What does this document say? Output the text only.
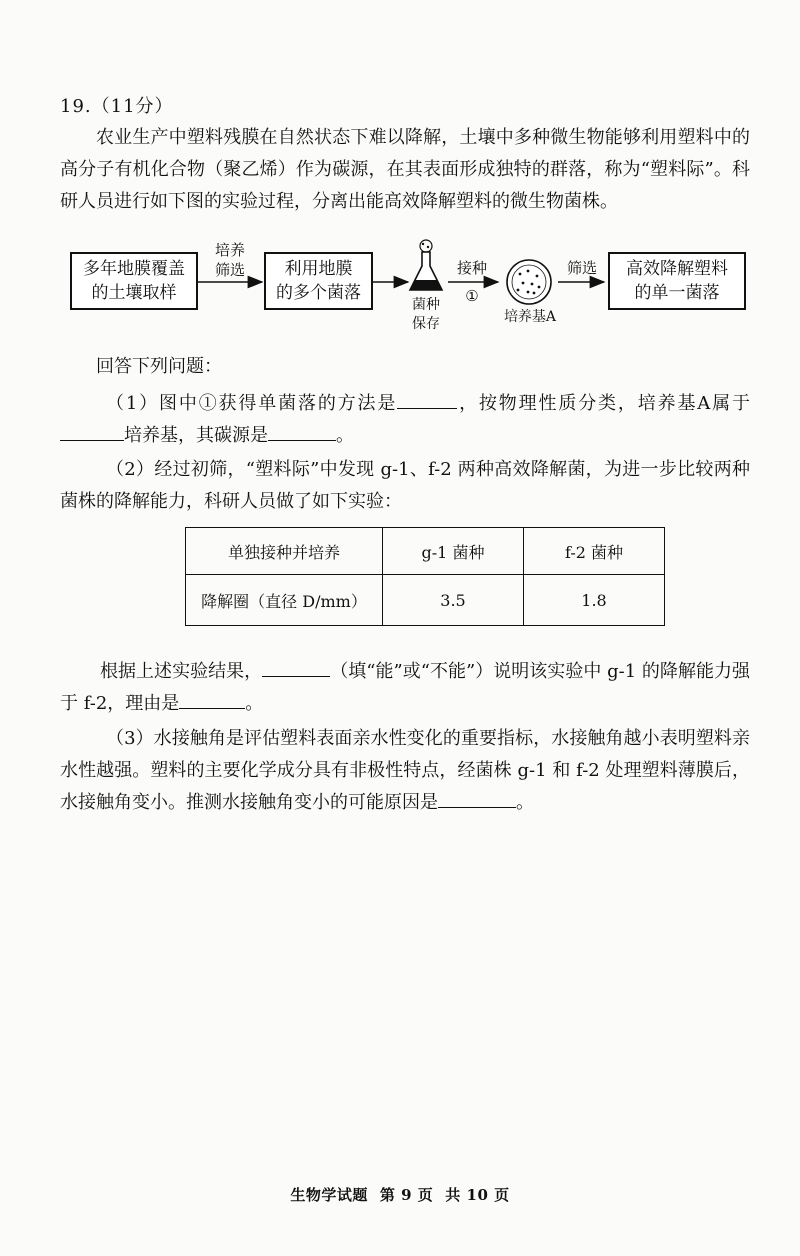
19.（11分）

农业生产中塑料残膜在自然状态下难以降解，土壤中多种微生物能够利用塑料中的高分子有机化合物（聚乙烯）作为碳源，在其表面形成独特的群落，称为“塑料际”。科研人员进行如下图的实验过程，分离出能高效降解塑料的微生物菌株。

多年地膜覆盖
的土壤取样
培养
筛选	利用地膜
的多个菌落
菌种
保存
接种
①
培养基A
筛选 高效降解塑料
的单一菌落
回答下列问题：

（1）图中①获得单菌落的方法是	，按物理性质分类，培养基A属于培养基，其碳源是	。

（2）经过初筛，“塑料际”中发现 g-1、f-2 两种高效降解菌，为进一步比较两种菌株的降解能力，科研人员做了如下实验：

单独接种并培养	g-1 菌种	f-2 菌种
降解圈（直径 D/mm）	3.5	1.8

根据上述实验结果，	（填“能”或“不能”）说明该实验中 g-1 的降解能力强于 f-2，理由是	。

（3）水接触角是评估塑料表面亲水性变化的重要指标，水接触角越小表明塑料亲水性越强。塑料的主要化学成分具有非极性特点，经菌株 g-1 和 f-2 处理塑料薄膜后，水接触角变小。推测水接触角变小的可能原因是	。

生物学试题 第 9 页 共 10 页
